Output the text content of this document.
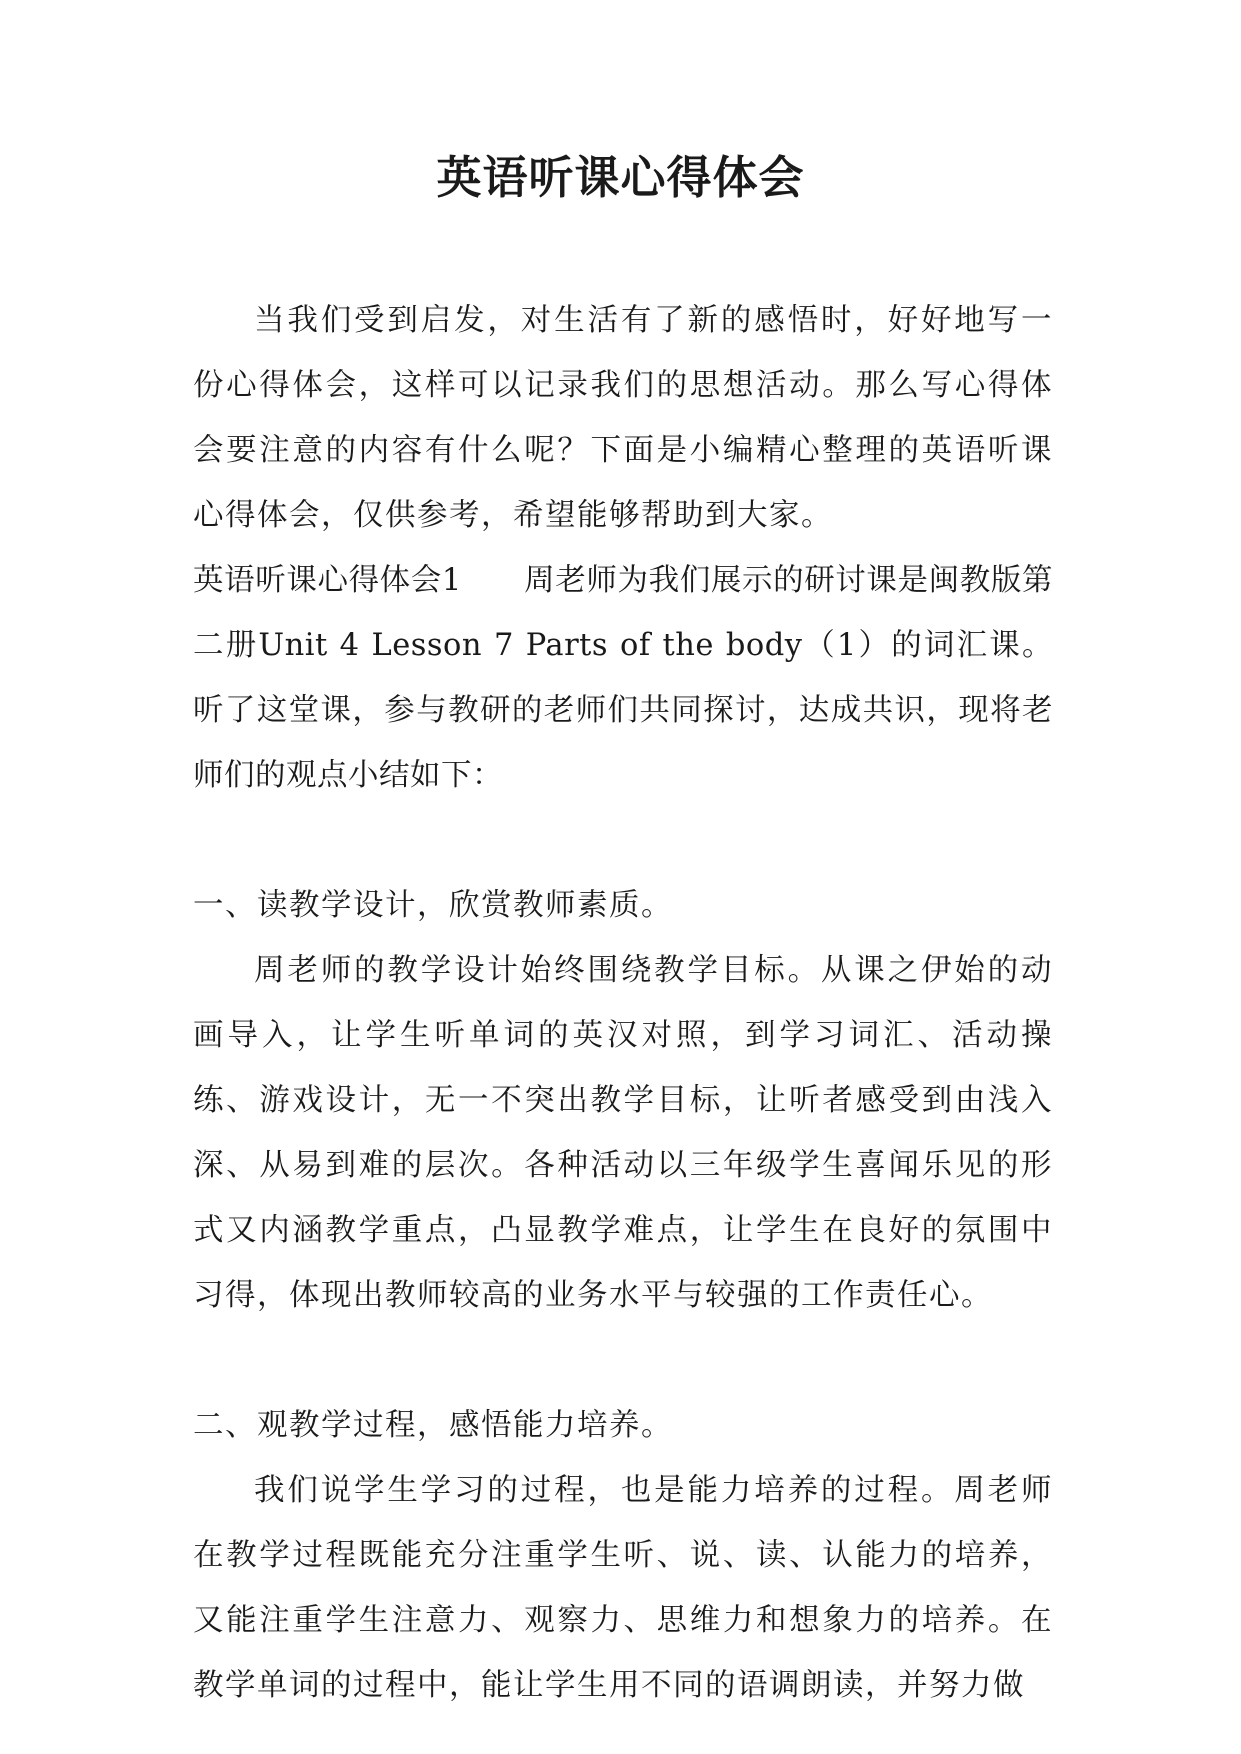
英语听课心得体会

当我们受到启发，对生活有了新的感悟时，好好地写一份心得体会，这样可以记录我们的思想活动。那么写心得体会要注意的内容有什么呢？下面是小编精心整理的英语听课心得体会，仅供参考，希望能够帮助到大家。

英语听课心得体会1　　周老师为我们展示的研讨课是闽教版第二册Unit 4 Lesson 7 Parts of the body（1）的词汇课。听了这堂课，参与教研的老师们共同探讨，达成共识，现将老师们的观点小结如下：

一、读教学设计，欣赏教师素质。

周老师的教学设计始终围绕教学目标。从课之伊始的动画导入，让学生听单词的英汉对照，到学习词汇、活动操练、游戏设计，无一不突出教学目标，让听者感受到由浅入深、从易到难的层次。各种活动以三年级学生喜闻乐见的形式又内涵教学重点，凸显教学难点，让学生在良好的氛围中习得，体现出教师较高的业务水平与较强的工作责任心。

二、观教学过程，感悟能力培养。

我们说学生学习的过程，也是能力培养的过程。周老师在教学过程既能充分注重学生听、说、读、认能力的培养，又能注重学生注意力、观察力、思维力和想象力的培养。在教学单词的过程中，能让学生用不同的语调朗读，并努力做
